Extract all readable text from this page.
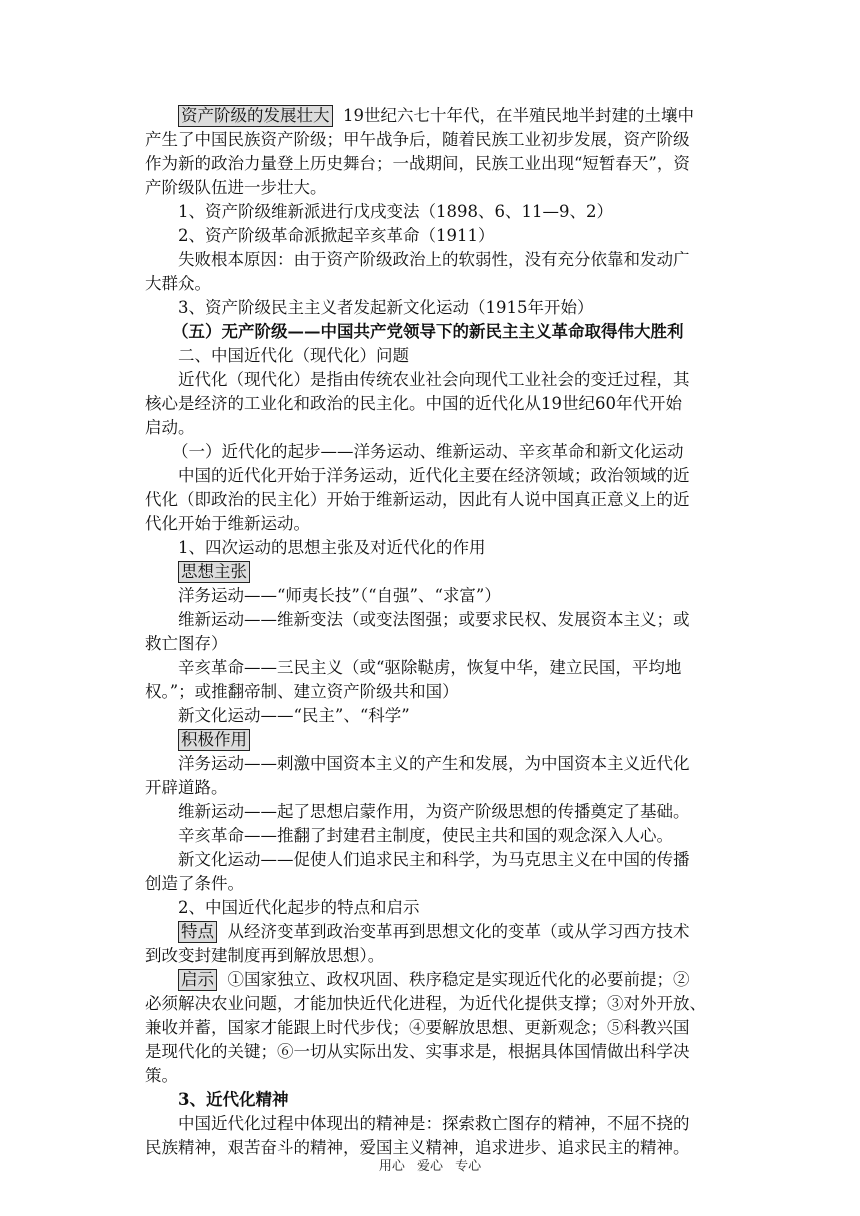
资产阶级的发展壮大  19世纪六七十年代，在半殖民地半封建的土壤中
产生了中国民族资产阶级；甲午战争后，随着民族工业初步发展，资产阶级
作为新的政治力量登上历史舞台；一战期间，民族工业出现“短暂春天”，资
产阶级队伍进一步壮大。
1、资产阶级维新派进行戊戌变法（1898、6、11—9、2）
2、资产阶级革命派掀起辛亥革命（1911）
失败根本原因：由于资产阶级政治上的软弱性，没有充分依靠和发动广
大群众。
3、资产阶级民主主义者发起新文化运动（1915年开始）
（五）无产阶级——中国共产党领导下的新民主主义革命取得伟大胜利
二、中国近代化（现代化）问题
近代化（现代化）是指由传统农业社会向现代工业社会的变迁过程，其
核心是经济的工业化和政治的民主化。中国的近代化从19世纪60年代开始
启动。
（一）近代化的起步——洋务运动、维新运动、辛亥革命和新文化运动
中国的近代化开始于洋务运动，近代化主要在经济领域；政治领域的近
代化（即政治的民主化）开始于维新运动，因此有人说中国真正意义上的近
代化开始于维新运动。
1、四次运动的思想主张及对近代化的作用
思想主张
洋务运动——“师夷长技”（“自强”、“求富”）
维新运动——维新变法（或变法图强；或要求民权、发展资本主义；或
救亡图存）
辛亥革命——三民主义（或“驱除鞑虏，恢复中华，建立民国，平均地
权。”；或推翻帝制、建立资产阶级共和国）
新文化运动——“民主”、“科学”
积极作用
洋务运动——刺激中国资本主义的产生和发展，为中国资本主义近代化
开辟道路。
维新运动——起了思想启蒙作用，为资产阶级思想的传播奠定了基础。
辛亥革命——推翻了封建君主制度，使民主共和国的观念深入人心。
新文化运动——促使人们追求民主和科学，为马克思主义在中国的传播
创造了条件。
2、中国近代化起步的特点和启示
特点  从经济变革到政治变革再到思想文化的变革（或从学习西方技术
到改变封建制度再到解放思想）。
启示  ①国家独立、政权巩固、秩序稳定是实现近代化的必要前提；②
必须解决农业问题，才能加快近代化进程，为近代化提供支撑；③对外开放、
兼收并蓄，国家才能跟上时代步伐；④要解放思想、更新观念；⑤科教兴国
是现代化的关键；⑥一切从实际出发、实事求是，根据具体国情做出科学决
策。
3、近代化精神
中国近代化过程中体现出的精神是：探索救亡图存的精神，不屈不挠的
民族精神，艰苦奋斗的精神，爱国主义精神，追求进步、追求民主的精神。
用心 爱心 专心
